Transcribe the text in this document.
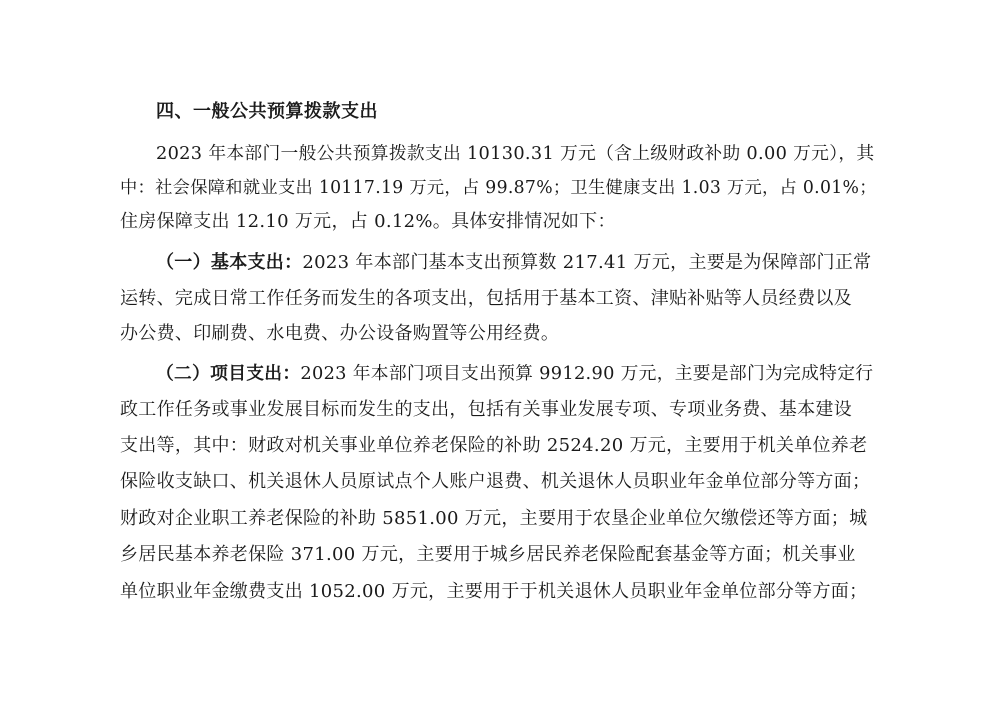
四、一般公共预算拨款支出
2023 年本部门一般公共预算拨款支出 10130.31 万元（含上级财政补助 0.00 万元），其
中：社会保障和就业支出 10117.19 万元，占 99.87%；卫生健康支出 1.03 万元，占 0.01%；
住房保障支出 12.10 万元，占 0.12%。具体安排情况如下：
（一）基本支出：2023 年本部门基本支出预算数 217.41 万元，主要是为保障部门正常
运转、完成日常工作任务而发生的各项支出，包括用于基本工资、津贴补贴等人员经费以及
办公费、印刷费、水电费、办公设备购置等公用经费。
（二）项目支出：2023 年本部门项目支出预算 9912.90 万元，主要是部门为完成特定行
政工作任务或事业发展目标而发生的支出，包括有关事业发展专项、专项业务费、基本建设
支出等，其中：财政对机关事业单位养老保险的补助 2524.20 万元，主要用于机关单位养老
保险收支缺口、机关退休人员原试点个人账户退费、机关退休人员职业年金单位部分等方面；
财政对企业职工养老保险的补助 5851.00 万元，主要用于农垦企业单位欠缴偿还等方面；城
乡居民基本养老保险 371.00 万元，主要用于城乡居民养老保险配套基金等方面；机关事业
单位职业年金缴费支出 1052.00 万元，主要用于于机关退休人员职业年金单位部分等方面；
